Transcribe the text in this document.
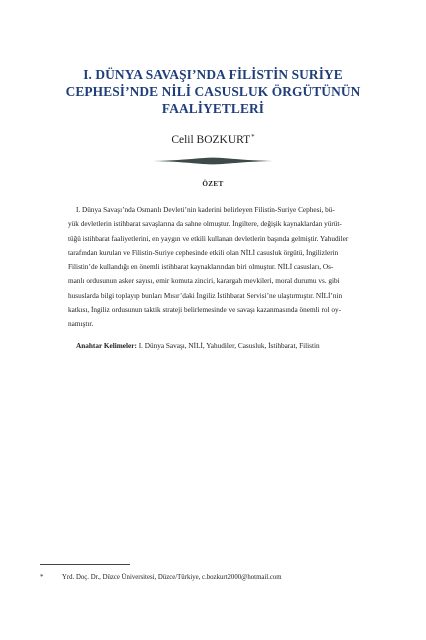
I. DÜNYA SAVAŞI’NDA FİLİSTİN SURİYE
CEPHESİ’NDE NİLİ CASUSLUK ÖRGÜTÜNÜN
FAALİYETLERİ
Celil BOZKURT*
ÖZET
I. Dünya Savaşı’nda Osmanlı Devleti’nin kaderini belirleyen Filistin-Suriye Cephesi, bü-
yük devletlerin istihbarat savaşlarına da sahne olmuştur. İngiltere, değişik kaynaklardan yürüt-
tüğü istihbarat faaliyetlerini, en yaygın ve etkili kullanan devletlerin başında gelmiştir. Yahudiler
tarafından kurulan ve Filistin-Suriye cephesinde etkili olan NİLİ casusluk örgütü, İngilizlerin
Filistin’de kullandığı en önemli istihbarat kaynaklarından biri olmuştur. NİLİ casusları, Os-
manlı ordusunun asker sayısı, emir komuta zinciri, karargah mevkileri, moral durumu vs. gibi
hususlarda bilgi toplayıp bunları Mısır’daki İngiliz İstihbarat Servisi’ne ulaştırmıştır. NİLİ’nin
katkısı, İngiliz ordusunun taktik strateji belirlemesinde ve savaşı kazanmasında önemli rol oy-
namıştır.
Anahtar Kelimeler: I. Dünya Savaşı, NİLİ, Yahudiler, Casusluk, İstihbarat, Filistin
*	Yrd. Doç. Dr., Düzce Üniversitesi, Düzce/Türkiye, c.bozkurt2000@hotmail.com
